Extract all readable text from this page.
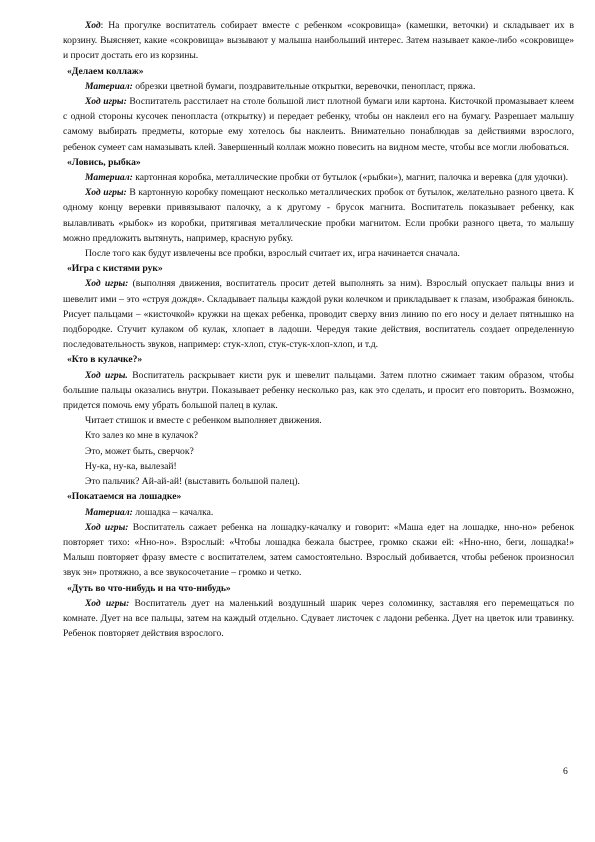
Ход: На прогулке воспитатель собирает вместе с ребенком «сокровища» (камешки, веточки) и складывает их в корзину. Выясняет, какие «сокровища» вызывают у малыша наибольший интерес. Затем называет какое-либо «сокровище» и просит достать его из корзины.

«Делаем коллаж»

Материал: обрезки цветной бумаги, поздравительные открытки, веревочки, пенопласт, пряжа.

Ход игры: Воспитатель расстилает на столе большой лист плотной бумаги или картона. Кисточкой промазывает клеем с одной стороны кусочек пенопласта (открытку) и передает ребенку, чтобы он наклеил его на бумагу. Разрешает малышу самому выбирать предметы, которые ему хотелось бы наклеить. Внимательно понаблюдав за действиями взрослого, ребенок сумеет сам намазывать клей. Завершенный коллаж можно повесить на видном месте, чтобы все могли любоваться.

«Ловись, рыбка»

Материал: картонная коробка, металлические пробки от бутылок («рыбки»), магнит, палочка и веревка (для удочки).

Ход игры: В картонную коробку помещают несколько металлических пробок от бутылок, желательно разного цвета. К одному концу веревки привязывают палочку, а к другому - брусок магнита. Воспитатель показывает ребенку, как вылавливать «рыбок» из коробки, притягивая металлические пробки магнитом. Если пробки разного цвета, то малышу можно предложить вытянуть, например, красную рубку.

После того как будут извлечены все пробки, взрослый считает их, игра начинается сначала.

«Игра с кистями рук»

Ход игры: (выполняя движения, воспитатель просит детей выполнять за ним). Взрослый опускает пальцы вниз и шевелит ими – это «струя дождя». Складывает пальцы каждой руки колечком и прикладывает к глазам, изображая бинокль. Рисует пальцами – «кисточкой» кружки на щеках ребенка, проводит сверху вниз линию по его носу и делает пятнышко на подбородке. Стучит кулаком об кулак, хлопает в ладоши. Чередуя такие действия, воспитатель создает определенную последовательность звуков, например: стук-хлоп, стук-стук-хлоп-хлоп, и т.д.

«Кто в кулачке?»

Ход игры. Воспитатель раскрывает кисти рук и шевелит пальцами. Затем плотно сжимает таким образом, чтобы большие пальцы оказались внутри. Показывает ребенку несколько раз, как это сделать, и просит его повторить. Возможно, придется помочь ему убрать большой палец в кулак.

Читает стишок и вместе с ребенком выполняет движения.

Кто залез ко мне в кулачок?

Это, может быть, сверчок?

Ну-ка, ну-ка, вылезай!

Это пальчик? Ай-ай-ай! (выставить большой палец).

«Покатаемся на лошадке»

Материал: лошадка – качалка.

Ход игры: Воспитатель сажает ребенка на лошадку-качалку и говорит: «Маша едет на лошадке, нно-но» ребенок повторяет тихо: «Нно-но». Взрослый: «Чтобы лошадка бежала быстрее, громко скажи ей: «Нно-нно, беги, лошадка!» Малыш повторяет фразу вместе с воспитателем, затем самостоятельно. Взрослый добивается, чтобы ребенок произносил звук эн» протяжно, а все звукосочетание – громко и четко.

«Дуть во что-нибудь и на что-нибудь»

Ход игры: Воспитатель дует на маленький воздушный шарик через соломинку, заставляя его перемещаться по комнате. Дует на все пальцы, затем на каждый отдельно. Сдувает листочек с ладони ребенка. Дует на цветок или травинку. Ребенок повторяет действия взрослого.

6
